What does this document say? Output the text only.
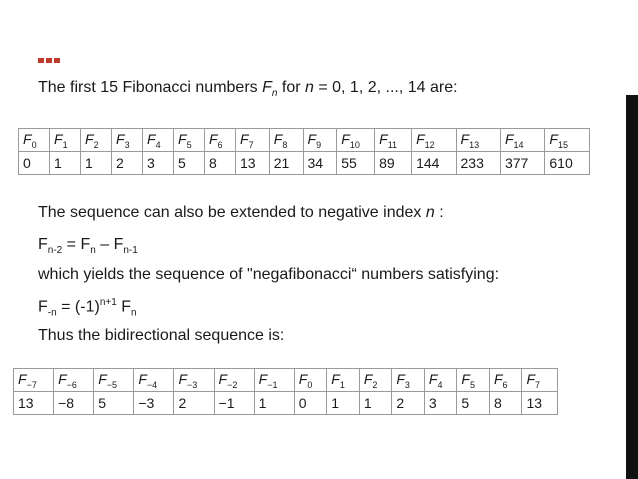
The first 15 Fibonacci numbers $F_n$ for n = 0, 1, 2, ..., 14 are:
$F_0$	$F_1$	$F_2$	$F_3$	$F_4$	$F_5$	$F_6$	$F_7$	$F_8$	$F_9$	$F_{10}$	$F_{11}$	$F_{12}$	$F_{13}$	$F_{14}$	$F_{15}$
0	1	1	2	3	5	8	13	21	34	55	89	144	233	377	610
The sequence can also be extended to negative index n :
$F_{n-2} = F_n - F_{n-1}$
which yields the sequence of "negafibonacci“ numbers satisfying:
$F_{-n} = (-1)^{n+1}$ $F_n$
Thus the bidirectional sequence is:
$F_{-7}$	$F_{-6}$	$F_{-5}$	$F_{-4}$	$F_{-3}$	$F_{-2}$	$F_{-1}$	$F_0$	$F_1$	$F_2$	$F_3$	$F_4$	$F_5$	$F_6$	$F_7$
13	−8	5	−3	2	−1	1	0	1	1	2	3	5	8	13
